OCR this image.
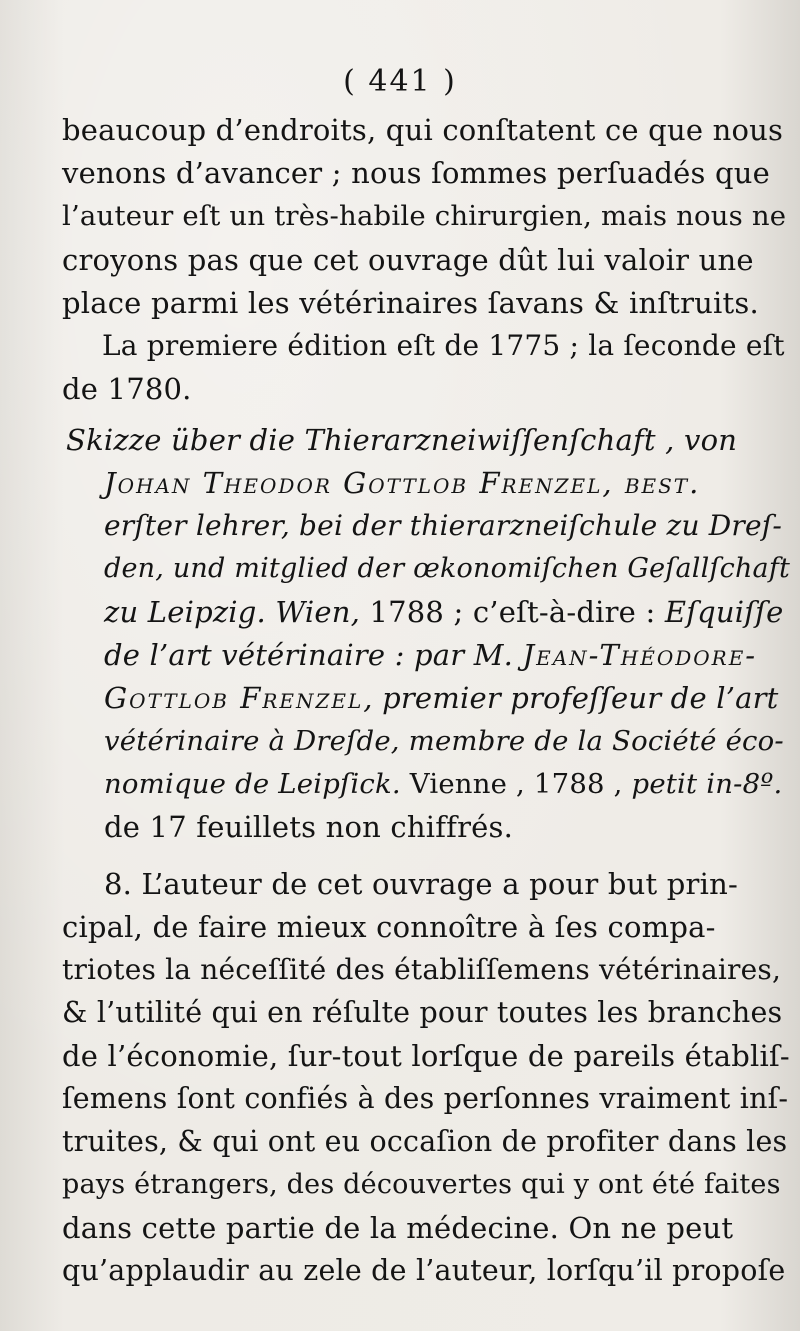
( 441 )
beaucoup d’endroits, qui conſtatent ce que nous
venons d’avancer ; nous ſommes perſuadés que
l’auteur eſt un très-habile chirurgien, mais nous ne
croyons pas que cet ouvrage dût lui valoir une
place parmi les vétérinaires ſavans & inſtruits.
La premiere édition eſt de 1775 ; la ſeconde eſt
de 1780.
Skizze über die Thierarzneiwiſſenſchaft , von
Johan Theodor Gottlob Frenzel, beſt.
erſter lehrer, bei der thierarzneiſchule zu Dreſ-
den, und mitglied der œkonomiſchen Geſallſchaft
zu Leipzig. Wien, 1788 ; c’eſt-à-dire : Eſquiſſe
de l’art vétérinaire : par M. Jean-Théodore-
Gottlob Frenzel, premier profeſſeur de l’art
vétérinaire à Dreſde, membre de la Société éco-
nomique de Leipſick. Vienne , 1788 , petit in-8º.
de 17 feuillets non chiffrés.
8. L’auteur de cet ouvrage a pour but prin-
cipal, de faire mieux connoître à ſes compa-
triotes la néceſſité des établiſſemens vétérinaires,
& l’utilité qui en réſulte pour toutes les branches
de l’économie, ſur-tout lorſque de pareils établiſ-
ſemens ſont confiés à des perſonnes vraiment inſ-
truites, & qui ont eu occaſion de profiter dans les
pays étrangers, des découvertes qui y ont été faites
dans cette partie de la médecine. On ne peut
qu’applaudir au zele de l’auteur, lorſqu’il propoſe
